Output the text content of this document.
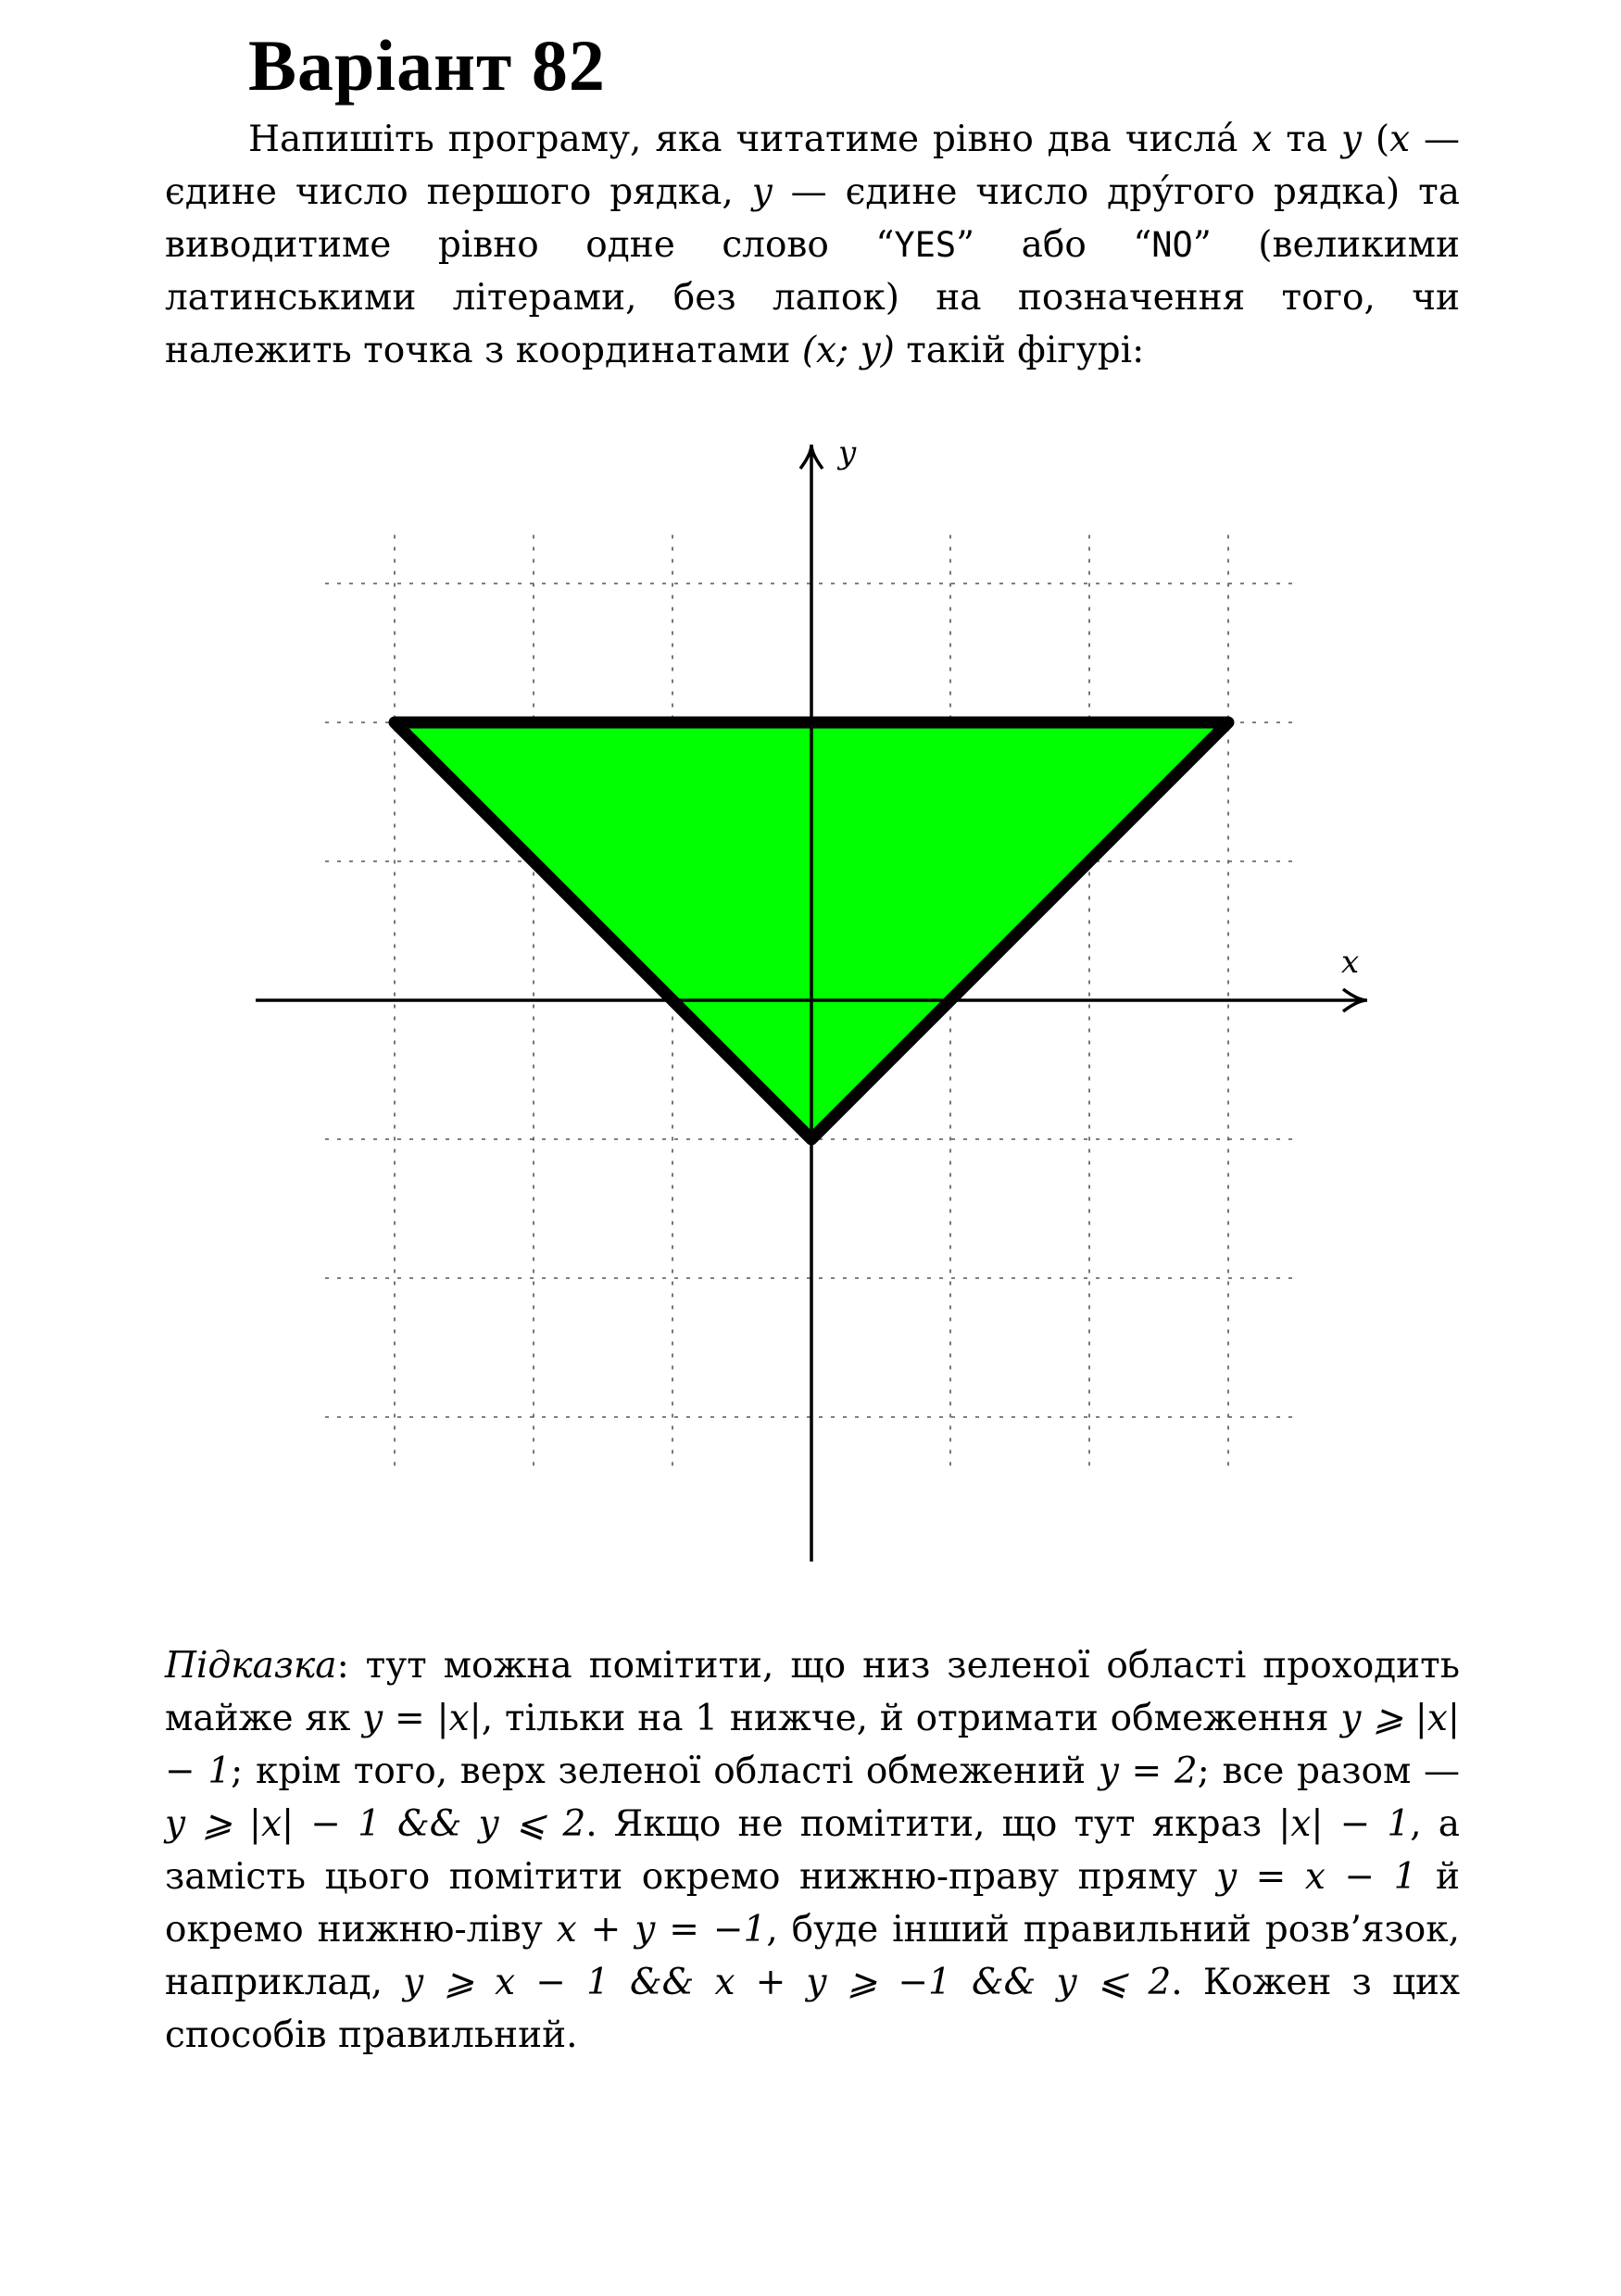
Варіант 82
Напишіть програму, яка читатиме рівно два числа́ x та y (x — єдине число першого рядка, y — єдине число дру́гого рядка) та виводитиме рівно одне слово “YES” або “NO” (великими латинськими літерами, без лапок) на позначення того, чи належить точка з координатами (x; y) такій фігурі:
x
y
Підказка: тут можна помітити, що низ зеленої області проходить майже як y = |x|, тільки на 1 нижче, й отримати обмеження y ⩾ |x| − 1; крім того, верх зеленої області обмежений y = 2; все разом — y ⩾ |x| − 1 && y ⩽ 2. Якщо не помітити, що тут якраз |x| − 1, а замість цього помітити окремо нижню-праву пряму y = x − 1 й окремо нижню-ліву x + y = −1, буде інший правильний розв’язок, наприклад, y ⩾ x − 1 && x + y ⩾ −1 && y ⩽ 2. Кожен з цих способів правильний.
